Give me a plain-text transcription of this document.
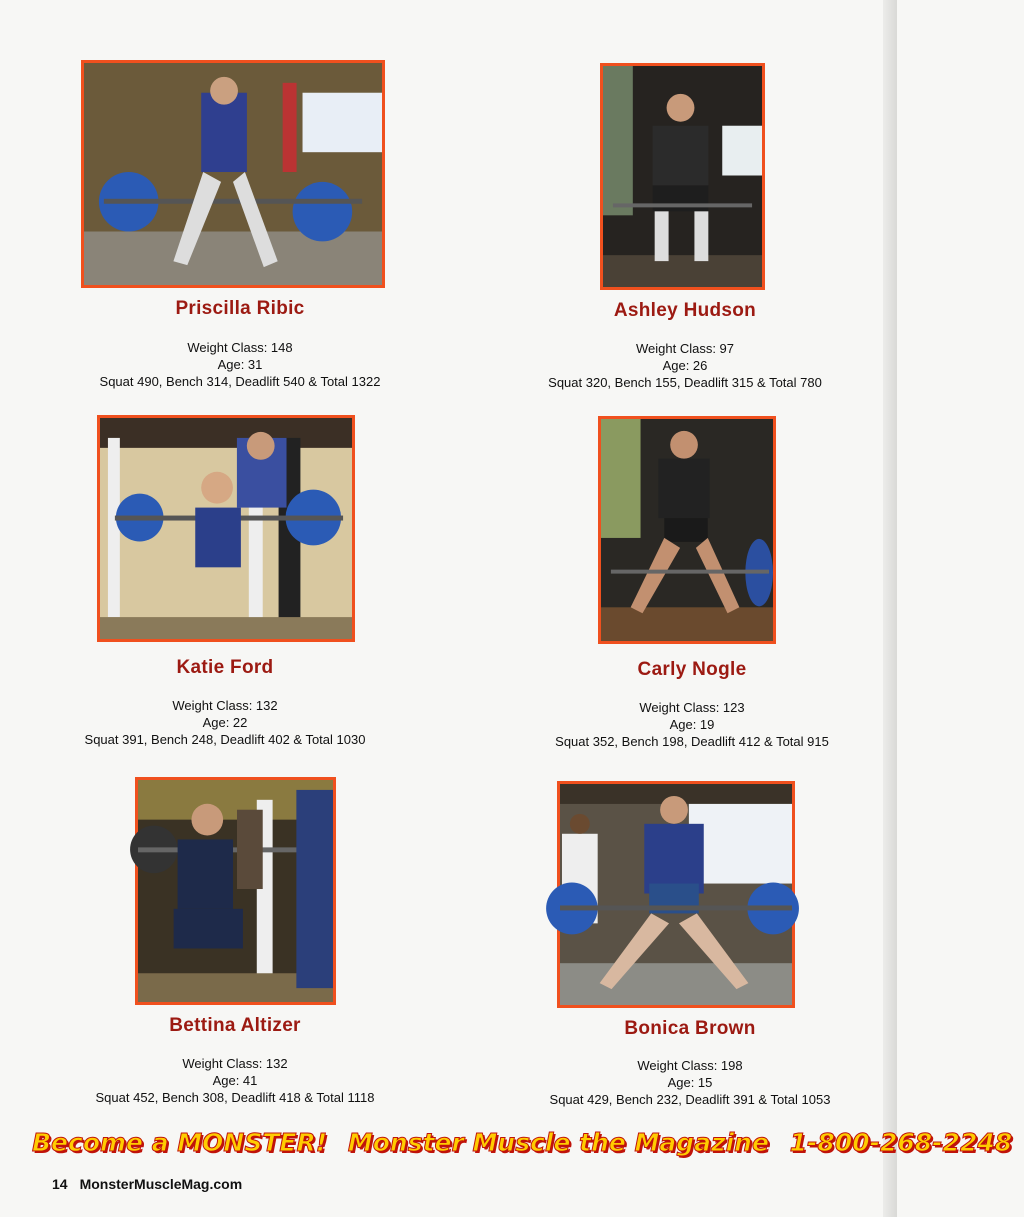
Priscilla Ribic
Weight Class: 148
Age: 31
Squat 490, Bench 314, Deadlift 540 & Total 1322
Ashley Hudson
Weight Class: 97
Age: 26
Squat 320, Bench 155, Deadlift 315 & Total 780
Katie Ford
Weight Class: 132
Age: 22
Squat 391, Bench 248, Deadlift 402 & Total 1030
Carly Nogle
Weight Class: 123
Age: 19
Squat 352, Bench 198, Deadlift 412 & Total 915
Bettina Altizer
Weight Class: 132
Age: 41
Squat 452, Bench 308, Deadlift 418 & Total 1118
Bonica Brown
Weight Class: 198
Age: 15
Squat 429, Bench 232, Deadlift 391 & Total 1053
Become a MONSTER! Monster Muscle the Magazine 1-800-268-2248
14 MonsterMuscleMag.com
